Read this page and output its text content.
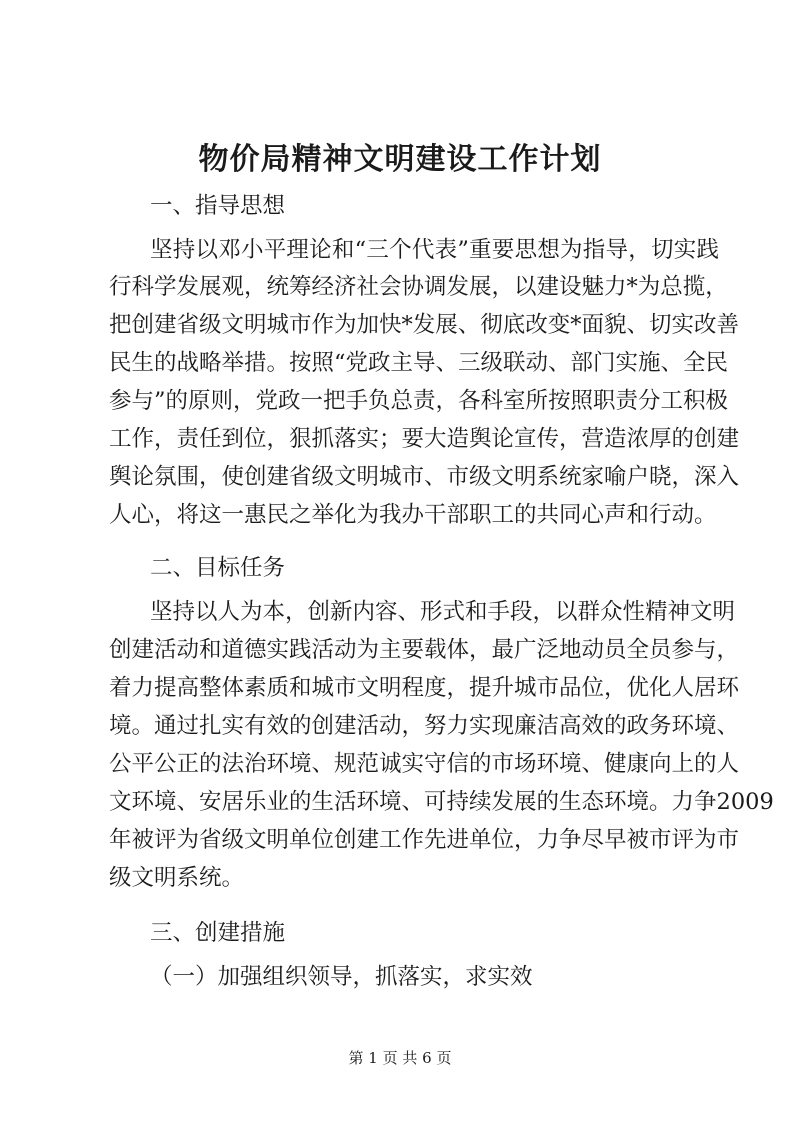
物价局精神文明建设工作计划
一、指导思想
坚持以邓小平理论和“三个代表”重要思想为指导，切实践
行科学发展观，统筹经济社会协调发展，以建设魅力*为总揽，
把创建省级文明城市作为加快*发展、彻底改变*面貌、切实改善
民生的战略举措。按照“党政主导、三级联动、部门实施、全民
参与”的原则，党政一把手负总责，各科室所按照职责分工积极
工作，责任到位，狠抓落实；要大造舆论宣传，营造浓厚的创建
舆论氛围，使创建省级文明城市、市级文明系统家喻户晓，深入
人心，将这一惠民之举化为我办干部职工的共同心声和行动。
二、目标任务
坚持以人为本，创新内容、形式和手段，以群众性精神文明
创建活动和道德实践活动为主要载体，最广泛地动员全员参与，
着力提高整体素质和城市文明程度，提升城市品位，优化人居环
境。通过扎实有效的创建活动，努力实现廉洁高效的政务环境、
公平公正的法治环境、规范诚实守信的市场环境、健康向上的人
文环境、安居乐业的生活环境、可持续发展的生态环境。力争2009
年被评为省级文明单位创建工作先进单位，力争尽早被市评为市
级文明系统。
三、创建措施
（一）加强组织领导，抓落实，求实效
第 1 页 共 6 页
